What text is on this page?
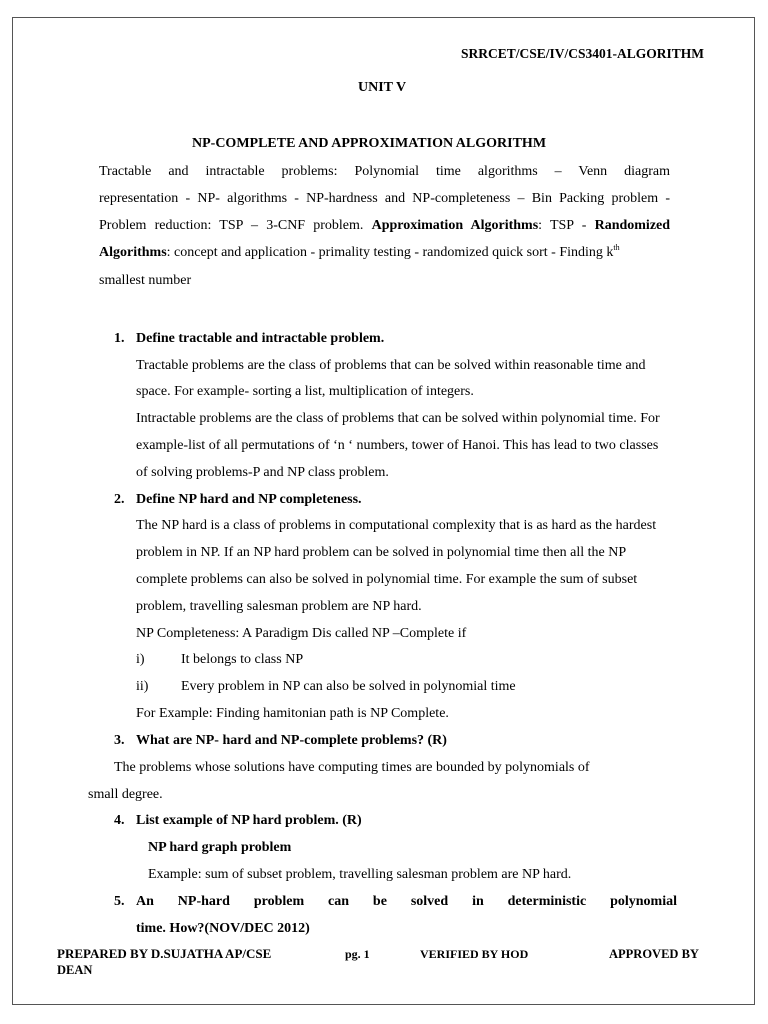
SRRCET/CSE/IV/CS3401-ALGORITHM
UNIT V
NP-COMPLETE AND APPROXIMATION ALGORITHM
Tractable and intractable problems: Polynomial time algorithms – Venn diagram
representation - NP- algorithms - NP-hardness and NP-completeness – Bin Packing problem -
Problem reduction: TSP – 3-CNF problem. Approximation Algorithms: TSP - Randomized
Algorithms: concept and application - primality testing - randomized quick sort - Finding $k^{th}$
smallest number
1. Define tractable and intractable problem.
Tractable problems are the class of problems that can be solved within reasonable time and
space. For example- sorting a list, multiplication of integers.
Intractable problems are the class of problems that can be solved within polynomial time. For
example-list of all permutations of ‘n ‘ numbers, tower of Hanoi. This has lead to two classes
of solving problems-P and NP class problem.
2. Define NP hard and NP completeness.
The NP hard is a class of problems in computational complexity that is as hard as the hardest
problem in NP. If an NP hard problem can be solved in polynomial time then all the NP
complete problems can also be solved in polynomial time. For example the sum of subset
problem, travelling salesman problem are NP hard.
NP Completeness: A Paradigm Dis called NP –Complete if
i)	It belongs to class NP
ii) Every problem in NP can also be solved in polynomial time
For Example: Finding hamitonian path is NP Complete.
3. What are NP- hard and NP-complete problems? (R)
The problems whose solutions have computing times are bounded by polynomials of
small degree.
4. List example of NP hard problem. (R)
NP hard graph problem
Example: sum of subset problem, travelling salesman problem are NP hard.
5. An NP-hard problem can be solved in deterministic polynomial
time. How?(NOV/DEC 2012)
PREPARED BY D.SUJATHA AP/CSE	pg. 1	VERIFIED BY HOD	APPROVED BY
DEAN
